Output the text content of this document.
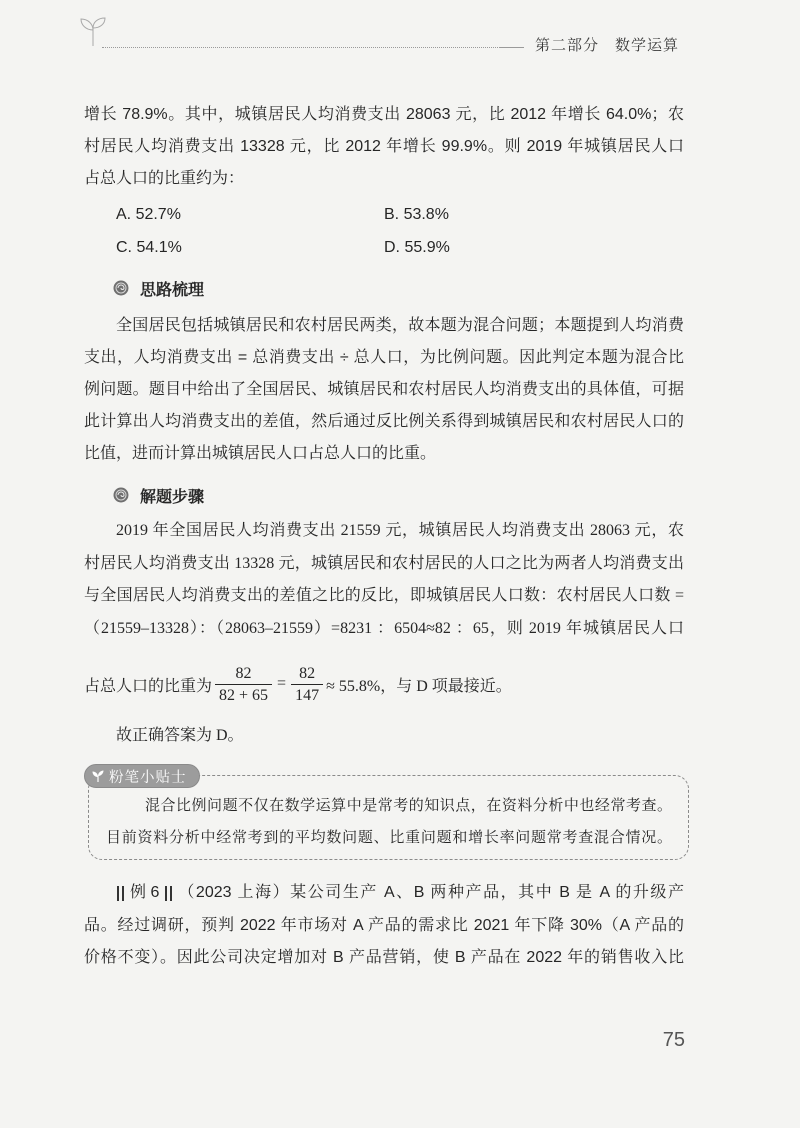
第二部分 数学运算
增长 78.9%。其中，城镇居民人均消费支出 28063 元，比 2012 年增长 64.0%；农
村居民人均消费支出 13328 元，比 2012 年增长 99.9%。则 2019 年城镇居民人口
占总人口的比重约为：
A. 52.7%	B. 53.8%
C. 54.1%	D. 55.9%
思路梳理
全国居民包括城镇居民和农村居民两类，故本题为混合问题；本题提到人均消费
支出，人均消费支出 = 总消费支出 ÷ 总人口，为比例问题。因此判定本题为混合比
例问题。题目中给出了全国居民、城镇居民和农村居民人均消费支出的具体值，可据
此计算出人均消费支出的差值，然后通过反比例关系得到城镇居民和农村居民人口的
比值，进而计算出城镇居民人口占总人口的比重。
解题步骤
2019 年全国居民人均消费支出 21559 元，城镇居民人均消费支出 28063 元，农
村居民人均消费支出 13328 元，城镇居民和农村居民的人口之比为两者人均消费支出
与全国居民人均消费支出的差值之比的反比，即城镇居民人口数：农村居民人口数 =
（21559–13328）：（28063–21559）=8231 ：6504≈82 ：65，则 2019 年城镇居民人口
占总人口的比重为 $\frac{82}{82 + 65} = \frac{82}{147} \approx 55.8\%$，与 D 项最接近。
故正确答案为 D。
粉笔小贴士
混合比例问题不仅在数学运算中是常考的知识点，在资料分析中也经常考查。
目前资料分析中经常考到的平均数问题、比重问题和增长率问题常考查混合情况。
例 6 （2023 上海）某公司生产 A、B 两种产品，其中 B 是 A 的升级产
品。经过调研，预判 2022 年市场对 A 产品的需求比 2021 年下降 30%（A 产品的
价格不变）。因此公司决定增加对 B 产品营销，使 B 产品在 2022 年的销售收入比
75
